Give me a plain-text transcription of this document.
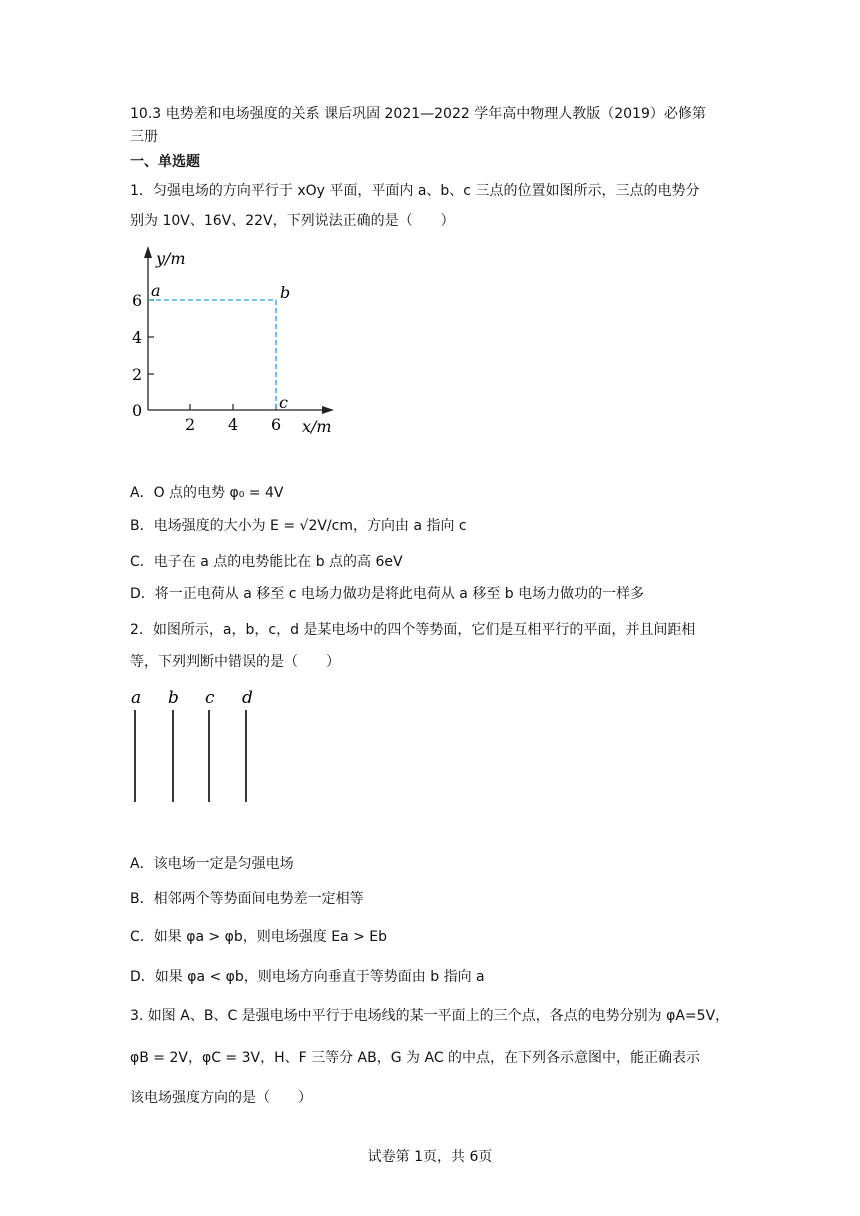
10.3 电势差和电场强度的关系 课后巩固 2021—2022 学年高中物理人教版（2019）必修第
三册
一、单选题
1．匀强电场的方向平行于 xOy 平面，平面内 a、b、c 三点的位置如图所示，三点的电势分
别为 10V、16V、22V，下列说法正确的是（　　）
y/m
x/m
6
4
2
0
2 4 6
a	b
c
A．O 点的电势 φ₀ = 4V
B．电场强度的大小为 E = √2V/cm，方向由 a 指向 c
C．电子在 a 点的电势能比在 b 点的高 6eV
D．将一正电荷从 a 移至 c 电场力做功是将此电荷从 a 移至 b 电场力做功的一样多
2．如图所示，a，b，c，d 是某电场中的四个等势面，它们是互相平行的平面，并且间距相
等，下列判断中错误的是（　　）
a b c d
A．该电场一定是匀强电场
B．相邻两个等势面间电势差一定相等
C．如果 φa > φb，则电场强度 Ea > Eb
D．如果 φa < φb，则电场方向垂直于等势面由 b 指向 a
3. 如图 A、B、C 是强电场中平行于电场线的某一平面上的三个点，各点的电势分别为 φA=5V，
φB = 2V，φC = 3V，H、F 三等分 AB，G 为 AC 的中点，在下列各示意图中，能正确表示
该电场强度方向的是（　　）
试卷第 1页，共 6页
